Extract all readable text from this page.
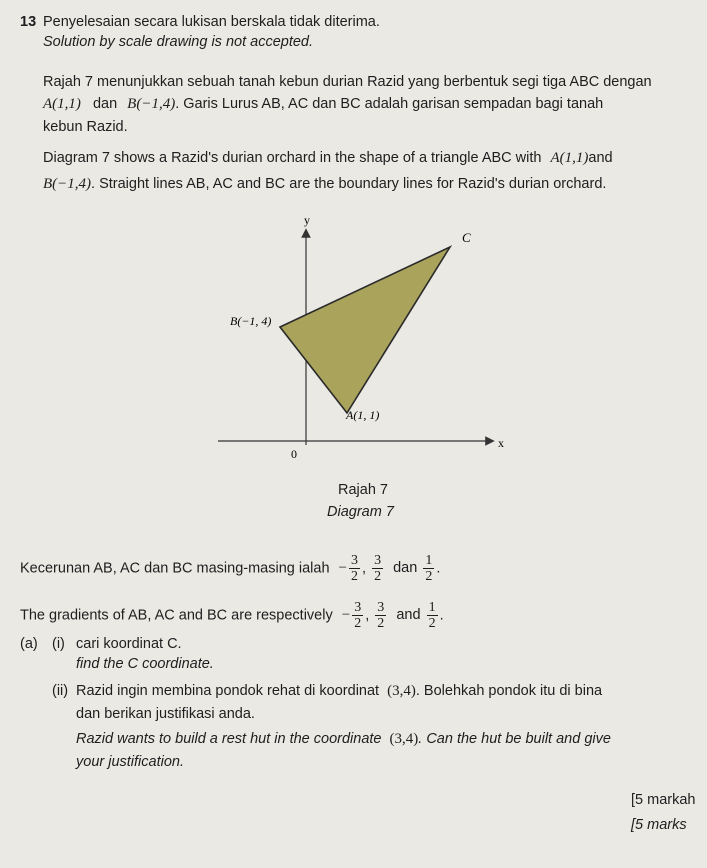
13 Penyelesaian secara lukisan berskala tidak diterima.
Solution by scale drawing is not accepted.
Rajah 7 menunjukkan sebuah tanah kebun durian Razid yang berbentuk segi tiga ABC dengan
A(1,1) dan B(−1,4). Garis Lurus AB, AC dan BC adalah garisan sempadan bagi tanah
kebun Razid.
Diagram 7 shows a Razid's durian orchard in the shape of a triangle ABC with A(1,1)and
B(−1,4). Straight lines AB, AC and BC are the boundary lines for Razid's durian orchard.
y
x
0
C
B(−1, 4)
A(1, 1)
Rajah 7
Diagram 7
Kecerunan AB, AC dan BC masing-masing ialah − $\frac{3}{2}$ , $\frac{3}{2}$ dan $\frac{1}{2}$ .
The gradients of AB, AC and BC are respectively − $\frac{3}{2}$ , $\frac{3}{2}$ and $\frac{1}{2}$ .
(a) (i) cari koordinat C.
find the C coordinate.
(ii) Razid ingin membina pondok rehat di koordinat (3,4). Bolehkah pondok itu di bina
dan berikan justifikasi anda.
Razid wants to build a rest hut in the coordinate (3,4). Can the hut be built and give
your justification.
[5 markah
[5 marks
